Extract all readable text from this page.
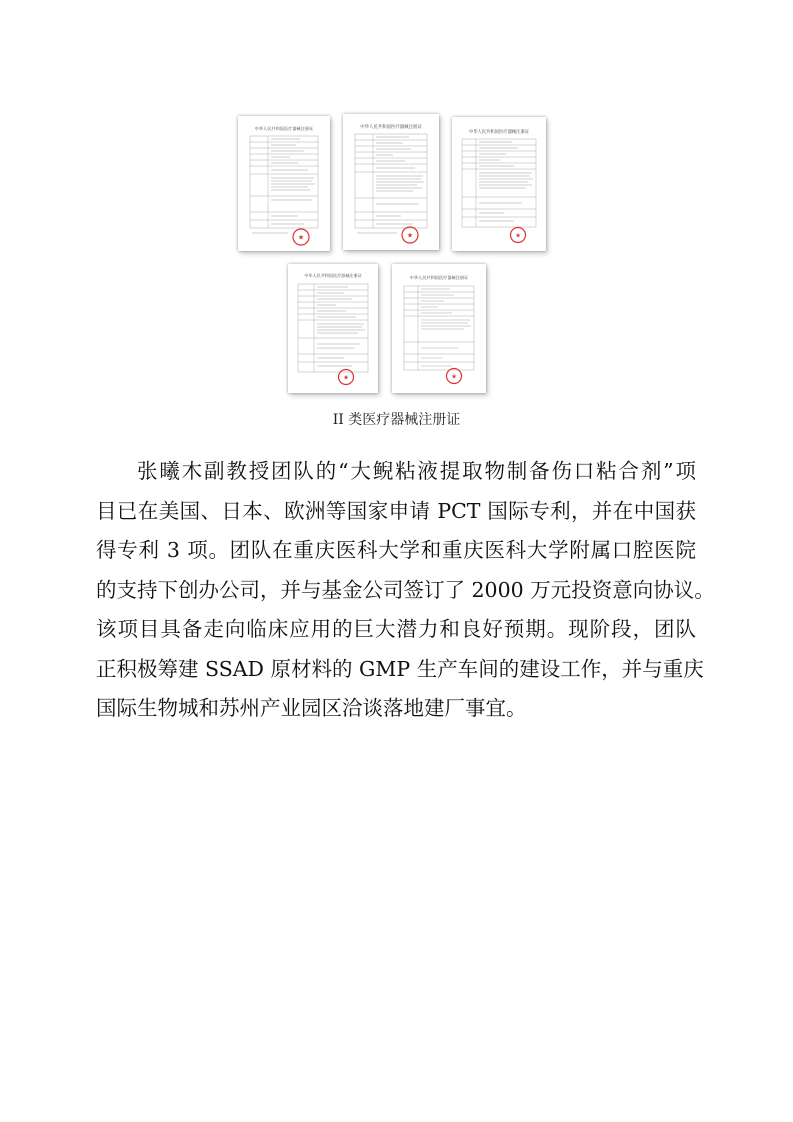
中华人民共和国医疗器械注册证
★
中华人民共和国医疗器械注册证
★
中华人民共和国医疗器械注册证
★
中华人民共和国医疗器械注册证
★
中华人民共和国医疗器械注册证
★
II 类医疗器械注册证

张曦木副教授团队的“大鲵粘液提取物制备伤口粘合剂”项
目已在美国、日本、欧洲等国家申请 PCT 国际专利，并在中国获
得专利 3 项。团队在重庆医科大学和重庆医科大学附属口腔医院
的支持下创办公司，并与基金公司签订了 2000 万元投资意向协议。
该项目具备走向临床应用的巨大潜力和良好预期。现阶段，团队
正积极筹建 SSAD 原材料的 GMP 生产车间的建设工作，并与重庆
国际生物城和苏州产业园区洽谈落地建厂事宜。
